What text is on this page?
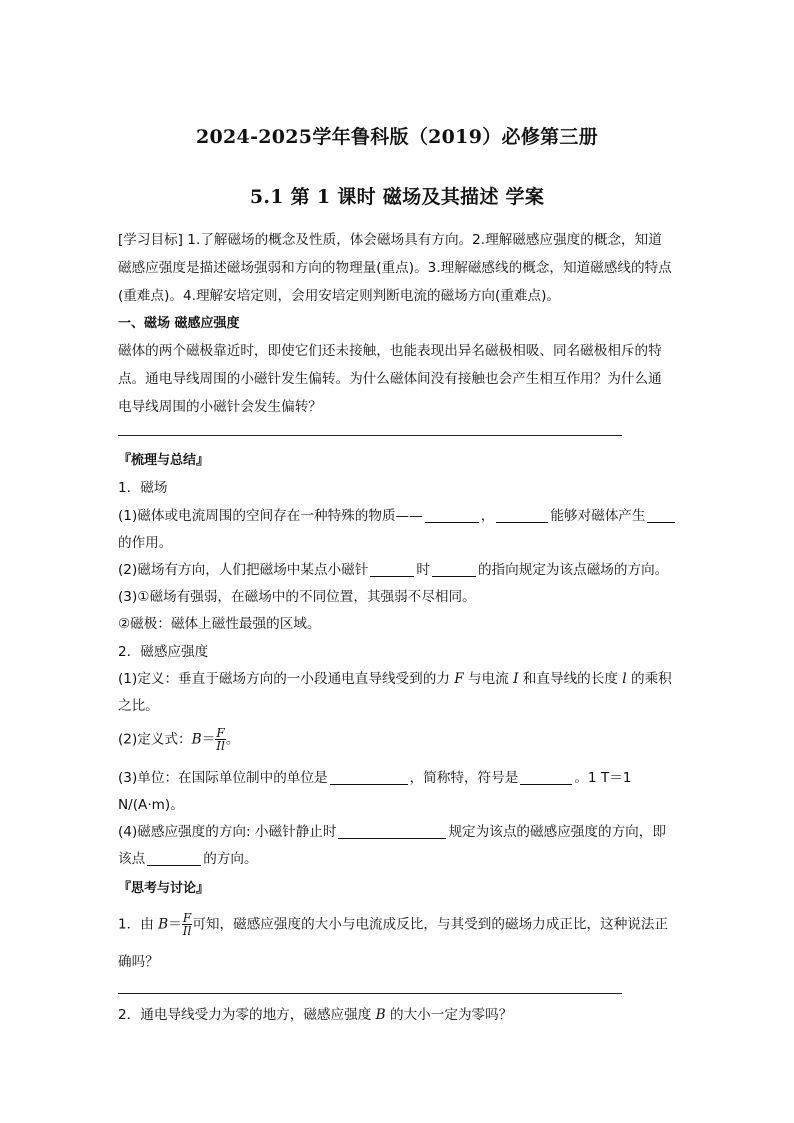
2024-2025学年鲁科版（2019）必修第三册
5.1 第 1 课时 磁场及其描述 学案
[学习目标] 1.了解磁场的概念及性质，体会磁场具有方向。2.理解磁感应强度的概念，知道
磁感应强度是描述磁场强弱和方向的物理量(重点)。3.理解磁感线的概念，知道磁感线的特点
(重难点)。4.理解安培定则，会用安培定则判断电流的磁场方向(重难点)。
一、磁场 磁感应强度
磁体的两个磁极靠近时，即使它们还未接触，也能表现出异名磁极相吸、同名磁极相斥的特
点。通电导线周围的小磁针发生偏转。为什么磁体间没有接触也会产生相互作用？为什么通
电导线周围的小磁针会发生偏转？
『梳理与总结』
1．磁场
(1)磁体或电流周围的空间存在一种特殊的物质——	，	能够对磁体产生
的作用。
(2)磁场有方向，人们把磁场中某点小磁针	时	的指向规定为该点磁场的方向。
(3)①磁场有强弱，在磁场中的不同位置，其强弱不尽相同。
②磁极：磁体上磁性最强的区域。
2．磁感应强度
(1)定义：垂直于磁场方向的一小段通电直导线受到的力 F 与电流 I 和直导线的长度 l 的乘积
之比。
(2)定义式：$B= \frac{F}{Il}$ 。
(3)单位：在国际单位制中的单位是	，简称特，符号是	。1 T＝1
N/(A·m)。
(4)磁感应强度的方向: 小磁针静止时	规定为该点的磁感应强度的方向，即
该点	的方向。
『思考与讨论』
1．由 $B= \frac{F}{Il}$ 可知，磁感应强度的大小与电流成反比，与其受到的磁场力成正比，这种说法正
确吗？
2．通电导线受力为零的地方，磁感应强度 B 的大小一定为零吗？
